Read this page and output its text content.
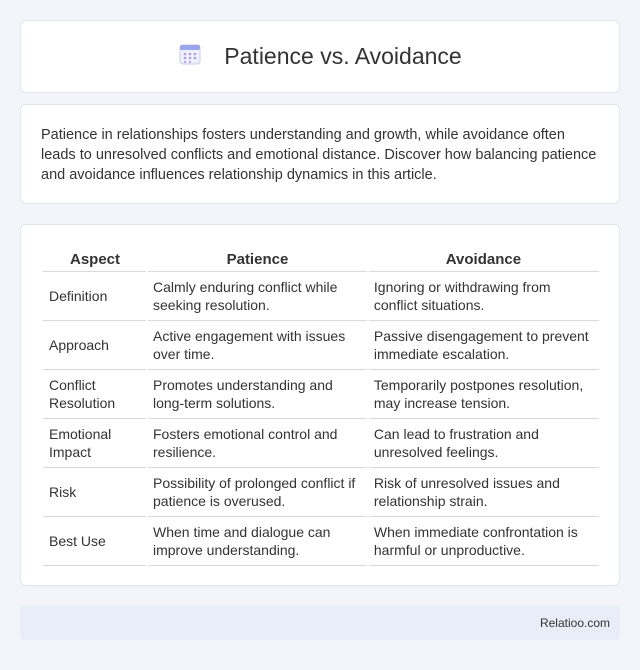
Patience vs. Avoidance

Patience in relationships fosters understanding and growth, while avoidance often leads to unresolved conflicts and emotional distance. Discover how balancing patience and avoidance influences relationship dynamics in this article.

Aspect	Patience	Avoidance
Definition	Calmly enduring conflict while seeking resolution.	Ignoring or withdrawing from conflict situations.
Approach	Active engagement with issues over time.	Passive disengagement to prevent immediate escalation.
Conflict Resolution	Promotes understanding and long-term solutions.	Temporarily postpones resolution, may increase tension.
Emotional Impact	Fosters emotional control and resilience.	Can lead to frustration and unresolved feelings.
Risk	Possibility of prolonged conflict if patience is overused.	Risk of unresolved issues and relationship strain.
Best Use	When time and dialogue can improve understanding.	When immediate confrontation is harmful or unproductive.
Relatioo.com
